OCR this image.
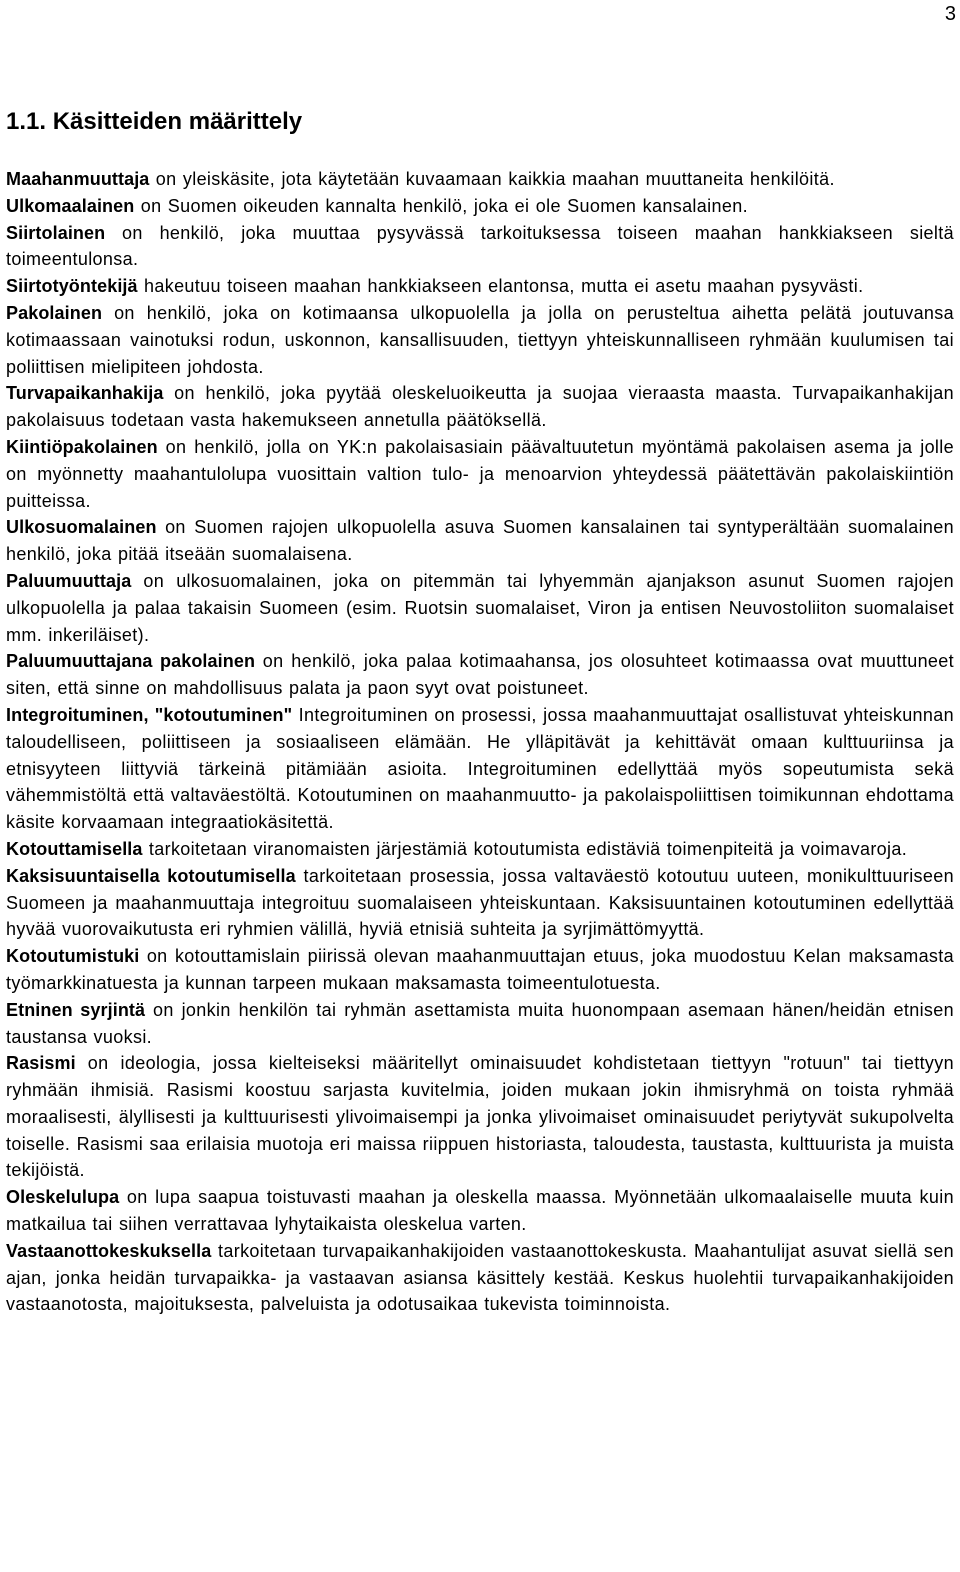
3
1.1. Käsitteiden määrittely

Maahanmuuttaja on yleiskäsite, jota käytetään kuvaamaan kaikkia maahan muuttaneita henkilöitä.

Ulkomaalainen on Suomen oikeuden kannalta henkilö, joka ei ole Suomen kansalainen.

Siirtolainen on henkilö, joka muuttaa pysyvässä tarkoituksessa toiseen maahan hankkiakseen sieltä toimeentulonsa.

Siirtotyöntekijä hakeutuu toiseen maahan hankkiakseen elantonsa, mutta ei asetu maahan pysyvästi.

Pakolainen on henkilö, joka on kotimaansa ulkopuolella ja jolla on perusteltua aihetta pelätä joutuvansa kotimaassaan vainotuksi rodun, uskonnon, kansallisuuden, tiettyyn yhteiskunnalliseen ryhmään kuulumisen tai poliittisen mielipiteen johdosta.

Turvapaikanhakija on henkilö, joka pyytää oleskeluoikeutta ja suojaa vieraasta maasta. Turvapaikanhakijan pakolaisuus todetaan vasta hakemukseen annetulla päätöksellä.

Kiintiöpakolainen on henkilö, jolla on YK:n pakolaisasiain päävaltuutetun myöntämä pakolaisen asema ja jolle on myönnetty maahantulolupa vuosittain valtion tulo- ja menoarvion yhteydessä päätettävän pakolaiskiintiön puitteissa.

Ulkosuomalainen on Suomen rajojen ulkopuolella asuva Suomen kansalainen tai syntyperältään suomalainen henkilö, joka pitää itseään suomalaisena.

Paluumuuttaja on ulkosuomalainen, joka on pitemmän tai lyhyemmän ajanjakson asunut Suomen rajojen ulkopuolella ja palaa takaisin Suomeen (esim. Ruotsin suomalaiset, Viron ja entisen Neuvostoliiton suomalaiset mm. inkeriläiset).

Paluumuuttajana pakolainen on henkilö, joka palaa kotimaahansa, jos olosuhteet kotimaassa ovat muuttuneet siten, että sinne on mahdollisuus palata ja paon syyt ovat poistuneet.

Integroituminen, "kotoutuminen" Integroituminen on prosessi, jossa maahanmuuttajat osallistuvat yhteiskunnan taloudelliseen, poliittiseen ja sosiaaliseen elämään. He ylläpitävät ja kehittävät omaan kulttuuriinsa ja etnisyyteen liittyviä tärkeinä pitämiään asioita. Integroituminen edellyttää myös sopeutumista sekä vähemmistöltä että valtaväestöltä. Kotoutuminen on maahanmuutto- ja pakolaispoliittisen toimikunnan ehdottama käsite korvaamaan integraatiokäsitettä.

Kotouttamisella tarkoitetaan viranomaisten järjestämiä kotoutumista edistäviä toimenpiteitä ja voimavaroja.

Kaksisuuntaisella kotoutumisella tarkoitetaan prosessia, jossa valtaväestö kotoutuu uuteen, monikulttuuriseen Suomeen ja maahanmuuttaja integroituu suomalaiseen yhteiskuntaan. Kaksisuuntainen kotoutuminen edellyttää hyvää vuorovaikutusta eri ryhmien välillä, hyviä etnisiä suhteita ja syrjimättömyyttä.

Kotoutumistuki on kotouttamislain piirissä olevan maahanmuuttajan etuus, joka muodostuu Kelan maksamasta työmarkkinatuesta ja kunnan tarpeen mukaan maksamasta toimeentulotuesta.

Etninen syrjintä on jonkin henkilön tai ryhmän asettamista muita huonompaan asemaan hänen/heidän etnisen taustansa vuoksi.

Rasismi on ideologia, jossa kielteiseksi määritellyt ominaisuudet kohdistetaan tiettyyn "rotuun" tai tiettyyn ryhmään ihmisiä. Rasismi koostuu sarjasta kuvitelmia, joiden mukaan jokin ihmisryhmä on toista ryhmää moraalisesti, älyllisesti ja kulttuurisesti ylivoimaisempi ja jonka ylivoimaiset ominaisuudet periytyvät sukupolvelta toiselle. Rasismi saa erilaisia muotoja eri maissa riippuen historiasta, taloudesta, taustasta, kulttuurista ja muista tekijöistä.

Oleskelulupa on lupa saapua toistuvasti maahan ja oleskella maassa. Myönnetään ulkomaalaiselle muuta kuin matkailua tai siihen verrattavaa lyhytaikaista oleskelua varten.

Vastaanottokeskuksella tarkoitetaan turvapaikanhakijoiden vastaanottokeskusta. Maahantulijat asuvat siellä sen ajan, jonka heidän turvapaikka- ja vastaavan asiansa käsittely kestää. Keskus huolehtii turvapaikanhakijoiden vastaanotosta, majoituksesta, palveluista ja odotusaikaa tukevista toiminnoista.
